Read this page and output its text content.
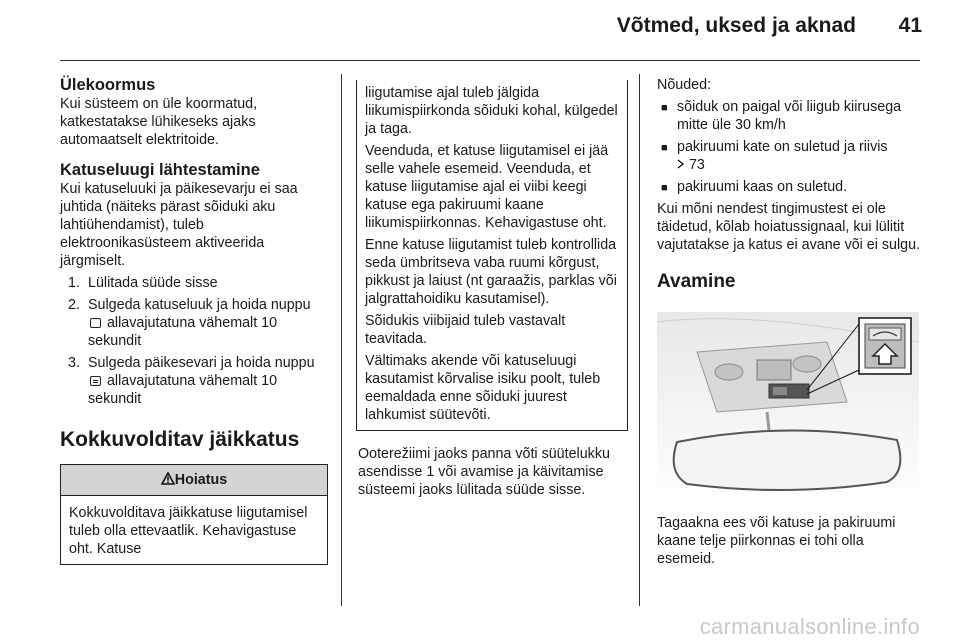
Võtmed, uksed ja aknad 41
Ülekoormus

Kui süsteem on üle koormatud, katkestatakse lühikeseks ajaks automaatselt elektritoide.

Katuseluugi lähtestamine

Kui katuseluuki ja päikesevarju ei saa juhtida (näiteks pärast sõiduki aku lahtiühendamist), tuleb elektroonikasüsteem aktiveerida järgmiselt.

1. Lülitada süüde sisse
2. Sulgeda katuseluuk ja hoida nuppu  allavajutatuna vähemalt 10 sekundit
3. Sulgeda päikesevari ja hoida nuppu  allavajutatuna vähemalt 10 sekundit
Kokkuvolditav jäikkatus
Hoiatus
Kokkuvolditava jäikkatuse liigutamisel tuleb olla ettevaatlik. Kehavigastuse oht. Katuse

liigutamise ajal tuleb jälgida liikumispiirkonda sõiduki kohal, külgedel ja taga.

Veenduda, et katuse liigutamisel ei jää selle vahele esemeid. Veenduda, et katuse liigutamise ajal ei viibi keegi katuse ega pakiruumi kaane liikumispiirkonnas. Kehavigastuse oht.

Enne katuse liigutamist tuleb kontrollida seda ümbritseva vaba ruumi kõrgust, pikkust ja laiust (nt garaažis, parklas või jalgrattahoidiku kasutamisel).

Sõidukis viibijaid tuleb vastavalt teavitada.

Vältimaks akende või katuseluugi kasutamist kõrvalise isiku poolt, tuleb eemaldada enne sõiduki juurest lahkumist süütevõti.

Ooterežiimi jaoks panna võti süütelukku asendisse 1 või avamise ja käivitamise süsteemi jaoks lülitada süüde sisse.

Nõuded:

■ sõiduk on paigal või liigub kiirusega mitte üle 30 km/h
■ pakiruumi kate on suletud ja riivis
73
■ pakiruumi kaas on suletud.

Kui mõni nendest tingimustest ei ole täidetud, kõlab hoiatussignaal, kui lülitit vajutatakse ja katus ei avane või ei sulgu.

Avamine

Tagaakna ees või katuse ja pakiruumi kaane telje piirkonnas ei tohi olla esemeid.

carmanualsonline.info
